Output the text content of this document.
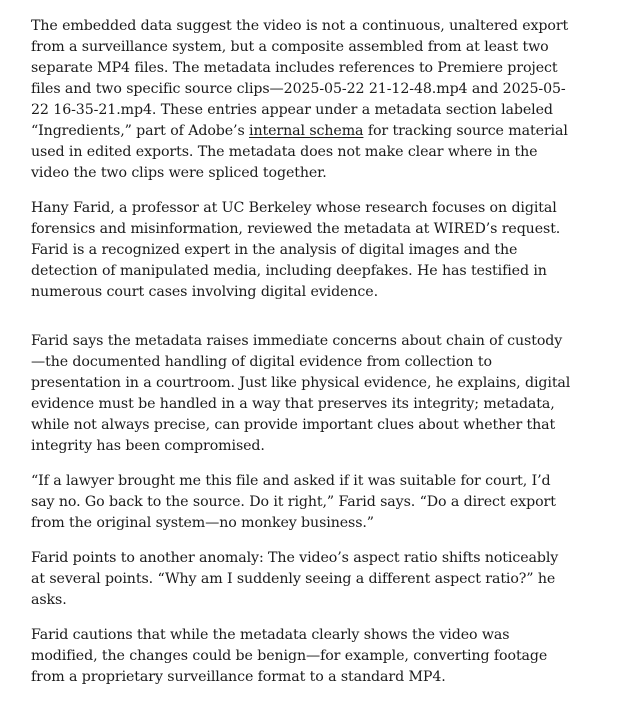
The embedded data suggest the video is not a continuous, unaltered export from a surveillance system, but a composite assembled from at least two separate MP4 files. The metadata includes references to Premiere project files and two specific source clips—2025-05-22 21-12-48.mp4 and 2025-05-22 16-35-21.mp4. These entries appear under a metadata section labeled “Ingredients,” part of Adobe’s internal schema for tracking source material used in edited exports. The metadata does not make clear where in the video the two clips were spliced together.

Hany Farid, a professor at UC Berkeley whose research focuses on digital forensics and misinformation, reviewed the metadata at WIRED’s request. Farid is a recognized expert in the analysis of digital images and the detection of manipulated media, including deepfakes. He has testified in numerous court cases involving digital evidence.

Farid says the metadata raises immediate concerns about chain of custody—the documented handling of digital evidence from collection to presentation in a courtroom. Just like physical evidence, he explains, digital evidence must be handled in a way that preserves its integrity; metadata, while not always precise, can provide important clues about whether that integrity has been compromised.

“If a lawyer brought me this file and asked if it was suitable for court, I’d say no. Go back to the source. Do it right,” Farid says. “Do a direct export from the original system—no monkey business.”

Farid points to another anomaly: The video’s aspect ratio shifts noticeably at several points. “Why am I suddenly seeing a different aspect ratio?” he asks.

Farid cautions that while the metadata clearly shows the video was modified, the changes could be benign—for example, converting footage from a proprietary surveillance format to a standard MP4.
